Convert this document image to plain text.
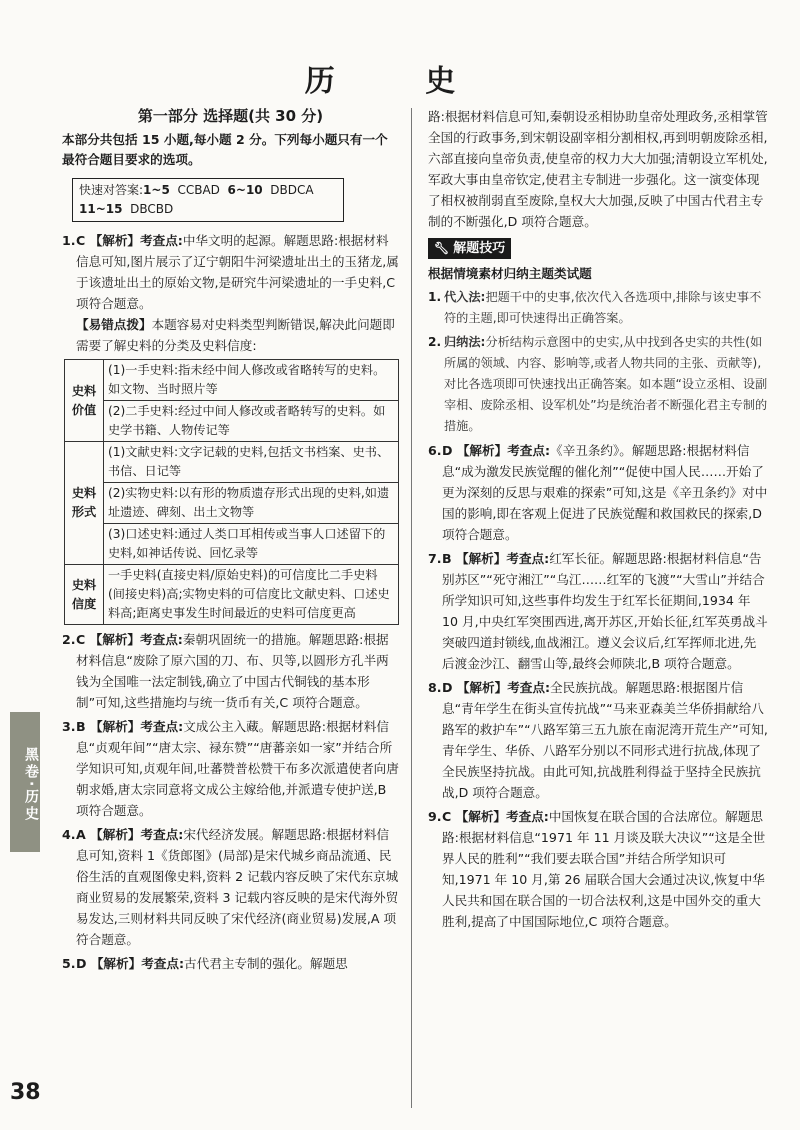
历 史
第一部分 选择题(共 30 分)

本部分共包括 15 小题,每小题 2 分。下列每小题只有一个最符合题目要求的选项。

快速对答案:1~5 CCBAD 6~10 DBDCA
11~15 DBCBD
1. C 【解析】考查点:中华文明的起源。解题思路:根据材料信息可知,图片展示了辽宁朝阳牛河梁遗址出土的玉猪龙,属于该遗址出土的原始文物,是研究牛河梁遗址的一手史料,C 项符合题意。
【易错点拨】本题容易对史料类型判断错误,解决此问题即需要了解史料的分类及史料信度:
史料价值	(1)一手史料:指未经中间人修改或省略转写的史料。如文物、当时照片等
	(2)二手史料:经过中间人修改或者略转写的史料。如史学书籍、人物传记等
史料形式	(1)文献史料:文字记载的史料,包括文书档案、史书、书信、日记等
	(2)实物史料:以有形的物质遗存形式出现的史料,如遗址遗迹、碑刻、出土文物等
	(3)口述史料:通过人类口耳相传或当事人口述留下的史料,如神话传说、回忆录等
史料信度	一手史料(直接史料/原始史料)的可信度比二手史料(间接史料)高;实物史料的可信度比文献史料、口述史料高;距离史事发生时间最近的史料可信度更高
2. C 【解析】考查点:秦朝巩固统一的措施。解题思路:根据材料信息“废除了原六国的刀、布、贝等,以圆形方孔半两钱为全国唯一法定制钱,确立了中国古代铜钱的基本形制”可知,这些措施均与统一货币有关,C 项符合题意。
3. B 【解析】考查点:文成公主入藏。解题思路:根据材料信息“贞观年间”“唐太宗、禄东赞”“唐蕃亲如一家”并结合所学知识可知,贞观年间,吐蕃赞普松赞干布多次派遣使者向唐朝求婚,唐太宗同意将文成公主嫁给他,并派遣专使护送,B 项符合题意。
4. A 【解析】考查点:宋代经济发展。解题思路:根据材料信息可知,资料 1《货郎图》(局部)是宋代城乡商品流通、民俗生活的直观图像史料,资料 2 记载内容反映了宋代东京城商业贸易的发展繁荣,资料 3 记载内容反映的是宋代海外贸易发达,三则材料共同反映了宋代经济(商业贸易)发展,A 项符合题意。
5. D 【解析】考查点:古代君主专制的强化。解题思

路:根据材料信息可知,秦朝设丞相协助皇帝处理政务,丞相掌管全国的行政事务,到宋朝设副宰相分割相权,再到明朝废除丞相,六部直接向皇帝负责,使皇帝的权力大大加强;清朝设立军机处,军政大事由皇帝钦定,使君主专制进一步强化。这一演变体现了相权被削弱直至废除,皇权大大加强,反映了中国古代君主专制的不断强化,D 项符合题意。

🔧︎ 解题技巧
根据情境素材归纳主题类试题
1. 代入法:把题干中的史事,依次代入各选项中,排除与该史事不符的主题,即可快速得出正确答案。
2. 归纳法:分析结构示意图中的史实,从中找到各史实的共性(如所属的领域、内容、影响等,或者人物共同的主张、贡献等),对比各选项即可快速找出正确答案。如本题“设立丞相、设副宰相、废除丞相、设军机处”均是统治者不断强化君主专制的措施。
6. D 【解析】考查点:《辛丑条约》。解题思路:根据材料信息“成为激发民族觉醒的催化剂”“促使中国人民……开始了更为深刻的反思与艰难的探索”可知,这是《辛丑条约》对中国的影响,即在客观上促进了民族觉醒和救国救民的探索,D 项符合题意。
7. B 【解析】考查点:红军长征。解题思路:根据材料信息“告别苏区”“死守湘江”“乌江……红军的飞渡”“大雪山”并结合所学知识可知,这些事件均发生于红军长征期间,1934 年 10 月,中央红军突围西进,离开苏区,开始长征,红军英勇战斗突破四道封锁线,血战湘江。遵义会议后,红军挥师北进,先后渡金沙江、翻雪山等,最终会师陕北,B 项符合题意。
8. D 【解析】考查点:全民族抗战。解题思路:根据图片信息“青年学生在街头宣传抗战”“马来亚森美兰华侨捐献给八路军的救护车”“八路军第三五九旅在南泥湾开荒生产”可知,青年学生、华侨、八路军分别以不同形式进行抗战,体现了全民族坚持抗战。由此可知,抗战胜利得益于坚持全民族抗战,D 项符合题意。
9. C 【解析】考查点:中国恢复在联合国的合法席位。解题思路:根据材料信息“1971 年 11 月谈及联大决议”“这是全世界人民的胜利”“我们要去联合国”并结合所学知识可知,1971 年 10 月,第 26 届联合国大会通过决议,恢复中华人民共和国在联合国的一切合法权利,这是中国外交的重大胜利,提高了中国国际地位,C 项符合题意。
黑卷·历史
38
